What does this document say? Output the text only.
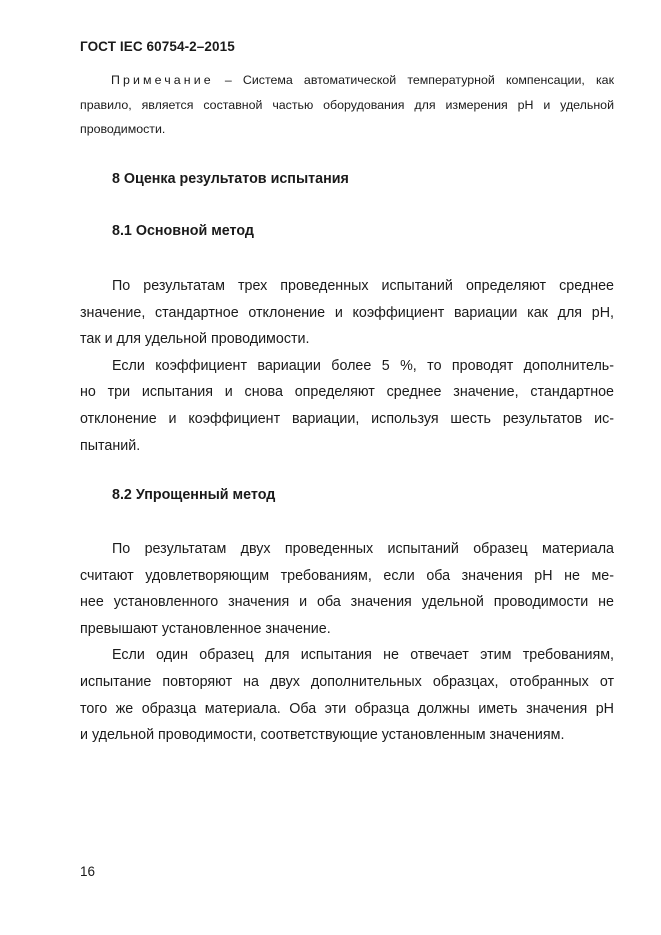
ГОСТ IEC 60754-2–2015
Примечание – Система автоматической температурной компенсации, как
правило, является составной частью оборудования для измерения pH и удельной
проводимости.
8 Оценка результатов испытания
8.1 Основной метод
По результатам трех проведенных испытаний определяют среднее
значение, стандартное отклонение и коэффициент вариации как для pH,
так и для удельной проводимости.
Если коэффициент вариации более 5 %, то проводят дополнитель-
но три испытания и снова определяют среднее значение, стандартное
отклонение и коэффициент вариации, используя шесть результатов ис-
пытаний.
8.2 Упрощенный метод
По результатам двух проведенных испытаний образец материала
считают удовлетворяющим требованиям, если оба значения pH не ме-
нее установленного значения и оба значения удельной проводимости не
превышают установленное значение.
Если один образец для испытания не отвечает этим требованиям,
испытание повторяют на двух дополнительных образцах, отобранных от
того же образца материала. Оба эти образца должны иметь значения pH
и удельной проводимости, соответствующие установленным значениям.
16
